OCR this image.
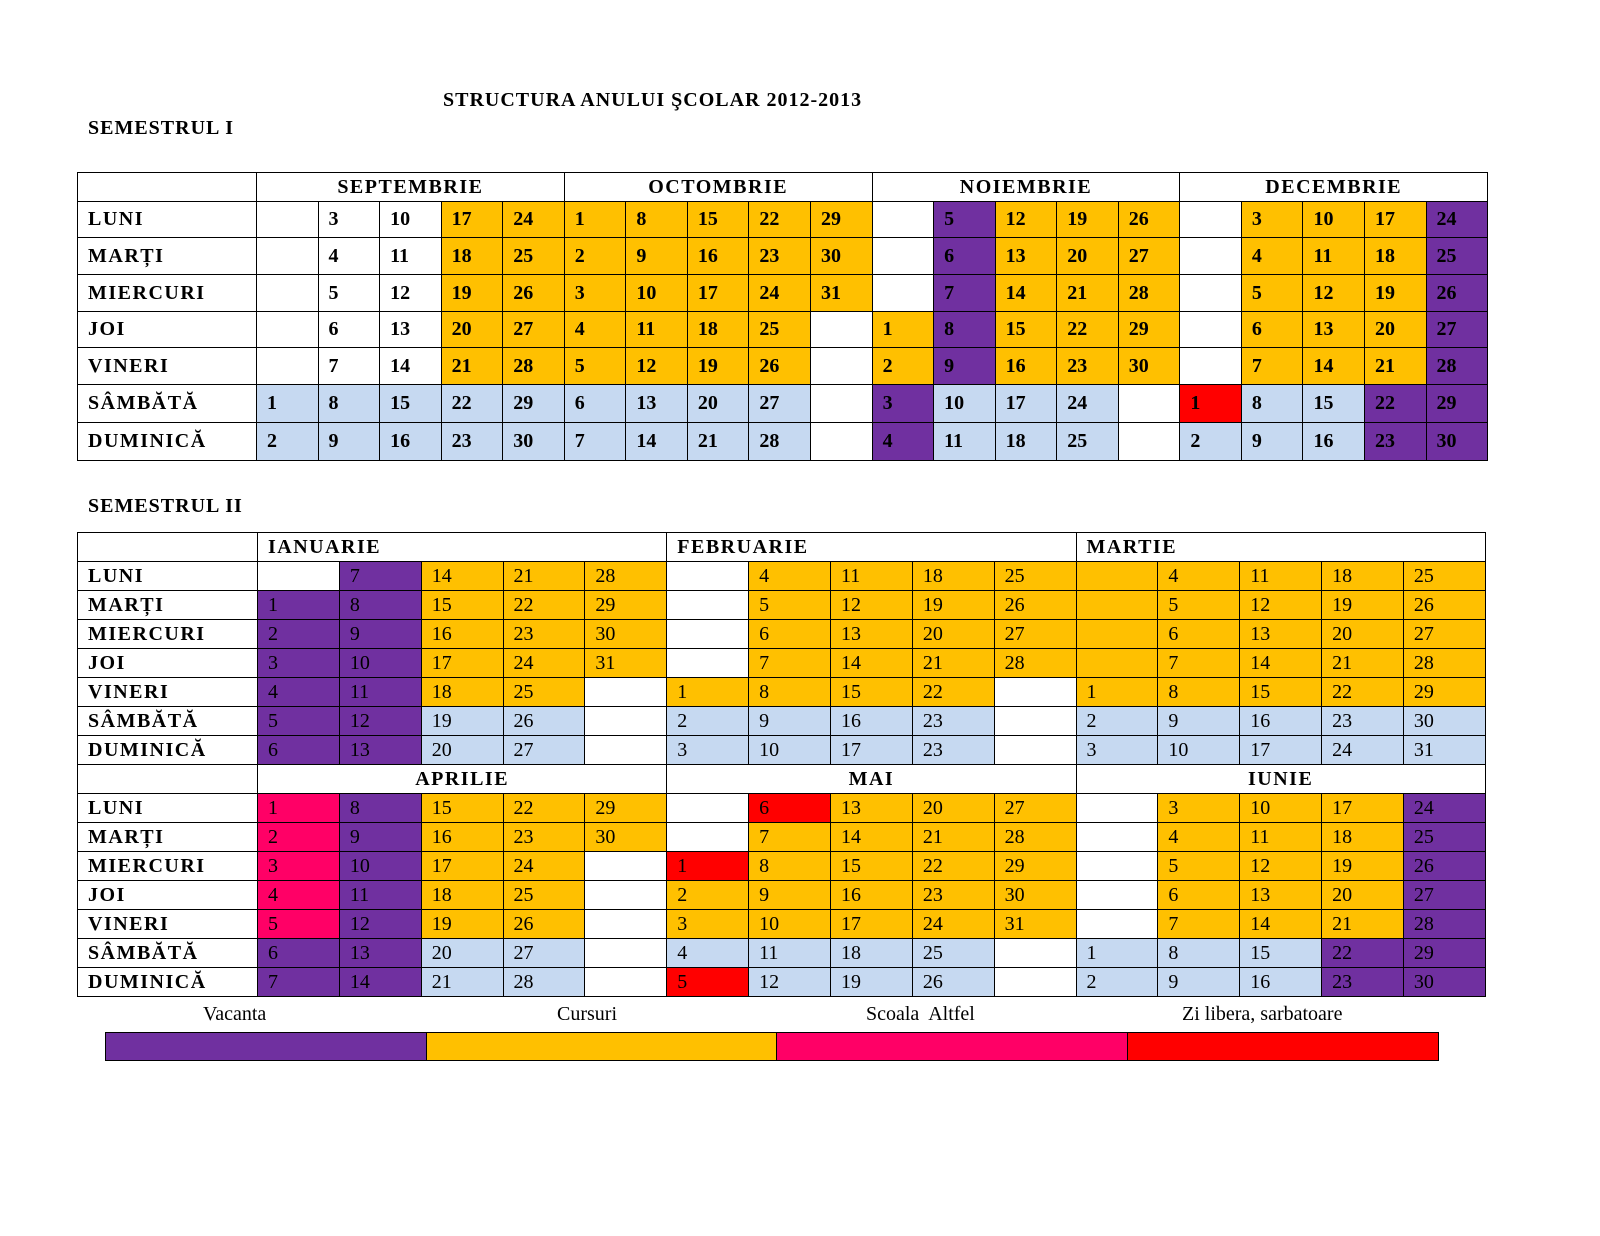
STRUCTURA ANULUI ŞCOLAR 2012-2013
SEMESTRUL I
	SEPTEMBRIE					OCTOMBRIE					NOIEMBRIE					DECEMBRIE				
LUNI		3	10	17	24	1	8	15	22	29		5	12	19	26		3	10	17	24
MARȚI		4	11	18	25	2	9	16	23	30		6	13	20	27		4	11	18	25
MIERCURI		5	12	19	26	3	10	17	24	31		7	14	21	28		5	12	19	26
JOI		6	13	20	27	4	11	18	25		1	8	15	22	29		6	13	20	27
VINERI		7	14	21	28	5	12	19	26		2	9	16	23	30		7	14	21	28
SÂMBĂTĂ	1	8	15	22	29	6	13	20	27		3	10	17	24		1	8	15	22	29
DUMINICĂ	2	9	16	23	30	7	14	21	28		4	11	18	25		2	9	16	23	30
SEMESTRUL II
	IANUARIE					FEBRUARIE					MARTIE				
LUNI		7	14	21	28		4	11	18	25		4	11	18	25
MARȚI	1	8	15	22	29		5	12	19	26		5	12	19	26
MIERCURI	2	9	16	23	30		6	13	20	27		6	13	20	27
JOI	3	10	17	24	31		7	14	21	28		7	14	21	28
VINERI	4	11	18	25		1	8	15	22		1	8	15	22	29
SÂMBĂTĂ	5	12	19	26		2	9	16	23		2	9	16	23	30
DUMINICĂ	6	13	20	27		3	10	17	23		3	10	17	24	31
	APRILIE					MAI					IUNIE				
LUNI	1	8	15	22	29		6	13	20	27		3	10	17	24
MARȚI	2	9	16	23	30		7	14	21	28		4	11	18	25
MIERCURI	3	10	17	24		1	8	15	22	29		5	12	19	26
JOI	4	11	18	25		2	9	16	23	30		6	13	20	27
VINERI	5	12	19	26		3	10	17	24	31		7	14	21	28
SÂMBĂTĂ	6	13	20	27		4	11	18	25		1	8	15	22	29
DUMINICĂ	7	14	21	28		5	12	19	26		2	9	16	23	30
Vacanta	Cursuri	Scoala  Altfel	Zi libera, sarbatoare
